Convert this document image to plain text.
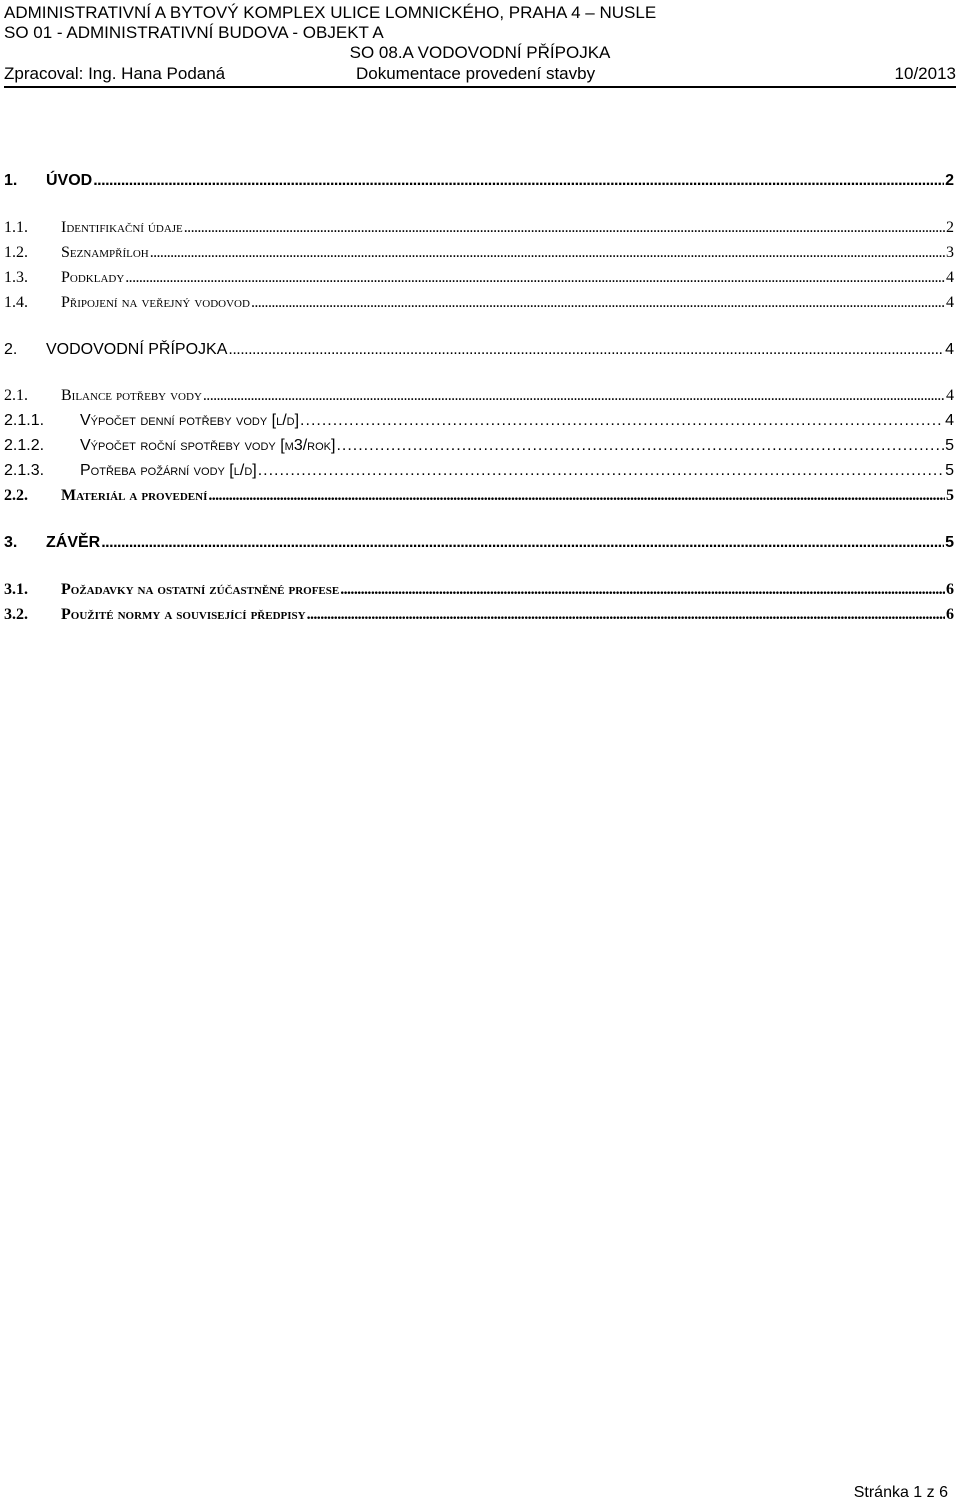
ADMINISTRATIVNÍ A BYTOVÝ KOMPLEX ULICE LOMNICKÉHO, PRAHA 4 – NUSLE
SO 01 - ADMINISTRATIVNÍ BUDOVA - OBJEKT A
SO 08.A VODOVODNÍ PŘÍPOJKA
Zpracoval: Ing. Hana Podaná	Dokumentace provedení stavby	10/2013
1.	ÚVOD .....	2
1.1.	Identifikační údaje .....	2
1.2.	Seznampříloh .....	3
1.3.	Podklady .....	4
1.4.	Připojení na veřejný vodovod .....	4
2.	VODOVODNÍ PŘÍPOJKA .....	4
2.1.	Bilance potřeby vody .....	4
2.1.1.	Výpočet denní potřeby vody [l/d] .....	4
2.1.2.	Výpočet roční spotřeby vody [m3/rok] .....	5
2.1.3.	Potřeba požární vody [l/d] .....	5
2.2.	Materiál a provedení .....	5
3.	ZÁVĚR .....	5
3.1.	Požadavky na ostatní zúčastněné profese .....	6
3.2.	Použité normy a související předpisy .....	6
Stránka 1 z 6
